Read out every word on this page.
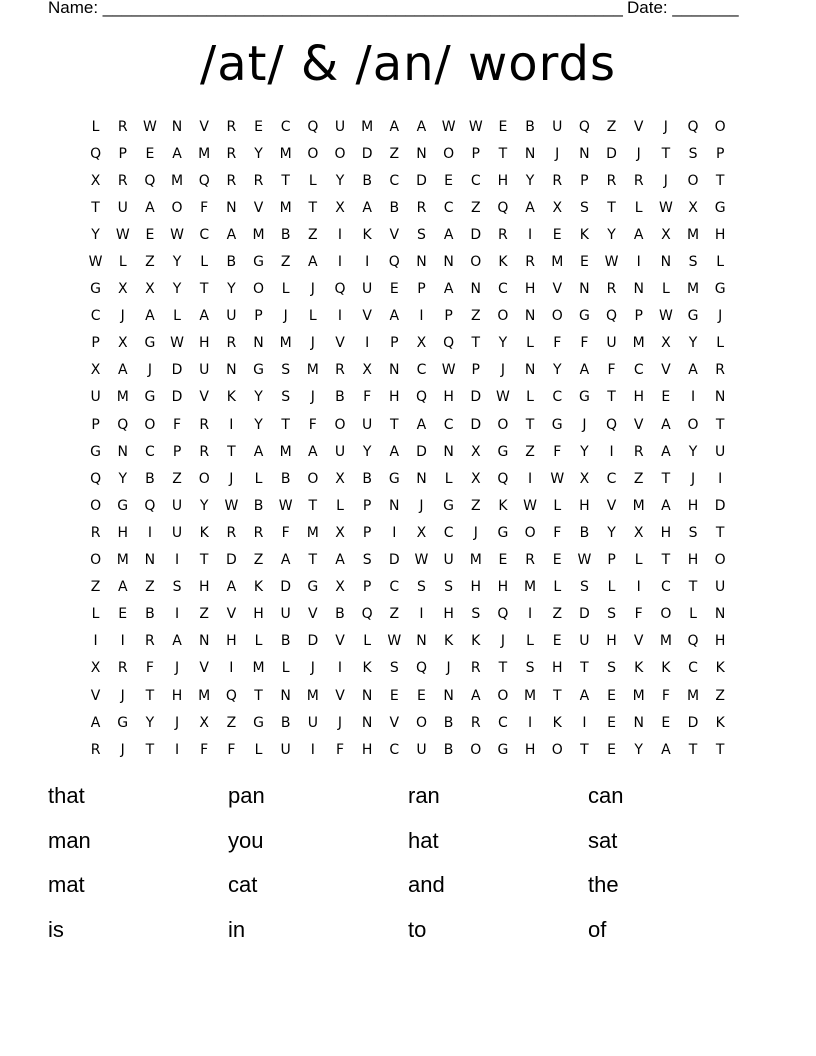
Name: _______________________________________________________ Date: _______
/at/ & /an/ words
L	R	W	N	V	R	E	C	Q	U	M	A	A	W W	E	B	U	Q	Z	V	J	Q	O
Q	P	E	A	M	R	Y	M	O	O	D	Z	N	O	P	T	N	J	N	D	J	T	S	P
X	R	Q	M	Q	R	R	T	L	Y	B	C	D	E	C	H	Y	R	P	R	R	J	O	T
T	U	A	O	F	N	V	M	T	X	A	B	R	C	Z	Q	A	X	S	T	L	W	X	G
Y	W	E	W	C	A	M	B	Z	I	K	V	S	A	D	R	I	E	K	Y	A	X	M	H
W	L	Z	Y	L	B	G	Z	A	I	I	Q	N	N	O	K	R	M	E	W	I	N	S	L
G	X	X	Y	T	Y	O	L	J	Q	U	E	P	A	N	C	H	V	N	R	N	L	M	G
C	J	A	L	A	U	P	J	L	I	V	A	I	P	Z	O	N	O	G	Q	P	W	G	J
P	X	G	W	H	R	N	M	J	V	I	P	X	Q	T	Y	L	F	F	U	M	X	Y	L
X	A	J	D	U	N	G	S	M	R	X	N	C	W	P	J	N	Y	A	F	C	V	A	R
U	M	G	D	V	K	Y	S	J	B	F	H	Q	H	D	W	L	C	G	T	H	E	I	N
P	Q	O	F	R	I	Y	T	F	O	U	T	A	C	D	O	T	G	J	Q	V	A	O	T
G	N	C	P	R	T	A	M	A	U	Y	A	D	N	X	G	Z	F	Y	I	R	A	Y	U
Q	Y	B	Z	O	J	L	B	O	X	B	G	N	L	X	Q	I	W	X	C	Z	T	J	I
O	G	Q	U	Y	W	B	W	T	L	P	N	J	G	Z	K	W	L	H	V	M	A	H	D
R	H	I	U	K	R	R	F	M	X	P	I	X	C	J	G	O	F	B	Y	X	H	S	T
O	M	N	I	T	D	Z	A	T	A	S	D	W	U	M	E	R	E	W	P	L	T	H	O
Z	A	Z	S	H	A	K	D	G	X	P	C	S	S	H	H	M	L	S	L	I	C	T	U
L	E	B	I	Z	V	H	U	V	B	Q	Z	I	H	S	Q	I	Z	D	S	F	O	L	N
I	I	R	A	N	H	L	B	D	V	L	W	N	K	K	J	L	E	U	H	V	M	Q	H
X	R	F	J	V	I	M	L	J	I	K	S	Q	J	R	T	S	H	T	S	K	K	C	K
V	J	T	H	M	Q	T	N	M	V	N	E	E	N	A	O	M	T	A	E	M	F	M	Z
A	G	Y	J	X	Z	G	B	U	J	N	V	O	B	R	C	I	K	I	E	N	E	D	K
R	J	T	I	F	F	L	U	I	F	H	C	U	B	O	G	H	O	T	E	Y	A	T	T
that	pan	ran	can
man	you	hat	sat
mat	cat	and	the
is	in	to	of
